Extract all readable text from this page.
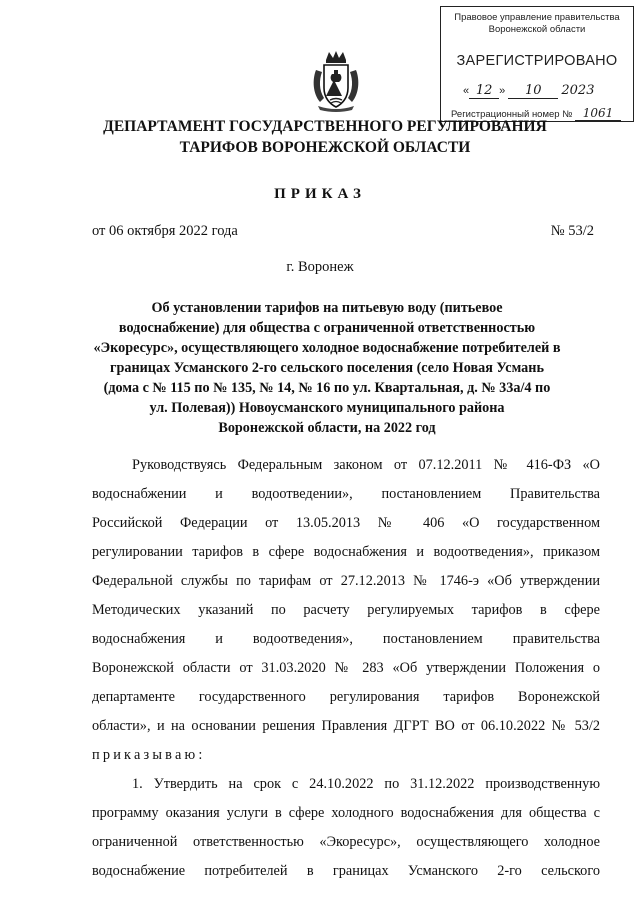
Правовое управление правительства
Воронежской области
ЗАРЕГИСТРИРОВАНО
« 12 » 10 2023
Регистрационный номер № 1061
ДЕПАРТАМЕНТ ГОСУДАРСТВЕННОГО РЕГУЛИРОВАНИЯ
ТАРИФОВ ВОРОНЕЖСКОЙ ОБЛАСТИ
ПРИКАЗ
от 06 октября 2022 года	№ 53/2
г. Воронеж
Об установлении тарифов на питьевую воду (питьевое
водоснабжение) для общества с ограниченной ответственностью
«Экоресурс», осуществляющего холодное водоснабжение потребителей в
границах Усманского 2-го сельского поселения (село Новая Усмань
(дома с № 115 по № 135, № 14, № 16 по ул. Квартальная, д. № 33а/4 по
ул. Полевая)) Новоусманского муниципального района
Воронежской области, на 2022 год
Руководствуясь Федеральным законом от 07.12.2011 № 416-ФЗ «О
водоснабжении и водоотведении», постановлением Правительства
Российской Федерации от 13.05.2013 № 406 «О государственном
регулировании тарифов в сфере водоснабжения и водоотведения», приказом
Федеральной службы по тарифам от 27.12.2013 № 1746-э «Об утверждении
Методических указаний по расчету регулируемых тарифов в сфере
водоснабжения и водоотведения», постановлением правительства
Воронежской области от 31.03.2020 № 283 «Об утверждении Положения о
департаменте государственного регулирования тарифов Воронежской
области», и на основании решения Правления ДГРТ ВО от 06.10.2022 № 53/2
приказываю:
1. Утвердить на срок с 24.10.2022 по 31.12.2022 производственную
программу оказания услуги в сфере холодного водоснабжения для общества с
ограниченной ответственностью «Экоресурс», осуществляющего холодное
водоснабжение потребителей в границах Усманского 2-го сельского
